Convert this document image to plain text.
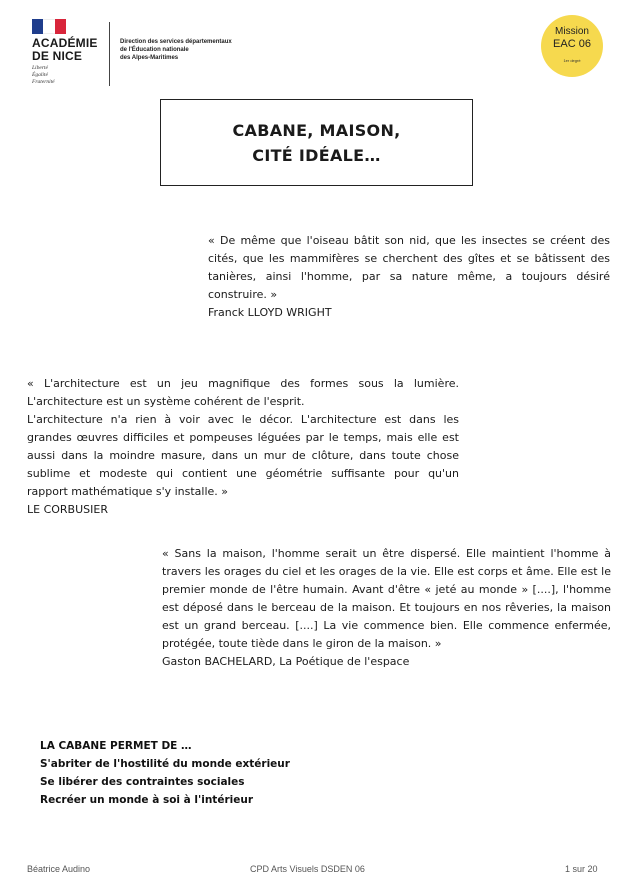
ACADÉMIE
DE NICE
Liberté
Égalité
Fraternité
Direction des services départementaux
de l'Éducation nationale
des Alpes-Maritimes
Mission
EAC 06
1er degré
CABANE, MAISON,
CITÉ IDÉALE…
« De même que l'oiseau bâtit son nid, que les insectes se créent des
cités, que les mammifères se cherchent des gîtes et se bâtissent des
tanières, ainsi l'homme, par sa nature même, a toujours désiré
construire. »
Franck LLOYD WRIGHT
« L'architecture est un jeu magnifique des formes sous la lumière.
L'architecture est un système cohérent de l'esprit.
L'architecture n'a rien à voir avec le décor. L'architecture est dans les
grandes œuvres difficiles et pompeuses léguées par le temps, mais elle est
aussi dans la moindre masure, dans un mur de clôture, dans toute chose
sublime et modeste qui contient une géométrie suffisante pour qu'un
rapport mathématique s'y installe. »
LE CORBUSIER
« Sans la maison, l'homme serait un être dispersé. Elle maintient l'homme à
travers les orages du ciel et les orages de la vie. Elle est corps et âme. Elle est le
premier monde de l'être humain. Avant d'être « jeté au monde » [....], l'homme
est déposé dans le berceau de la maison. Et toujours en nos rêveries, la maison
est un grand berceau. [....] La vie commence bien. Elle commence enfermée,
protégée, toute tiède dans le giron de la maison. »
Gaston BACHELARD, La Poétique de l'espace
LA CABANE PERMET DE …
S'abriter de l'hostilité du monde extérieur
Se libérer des contraintes sociales
Recréer un monde à soi à l'intérieur
Béatrice Audino	CPD Arts Visuels DSDEN 06	1 sur 20
